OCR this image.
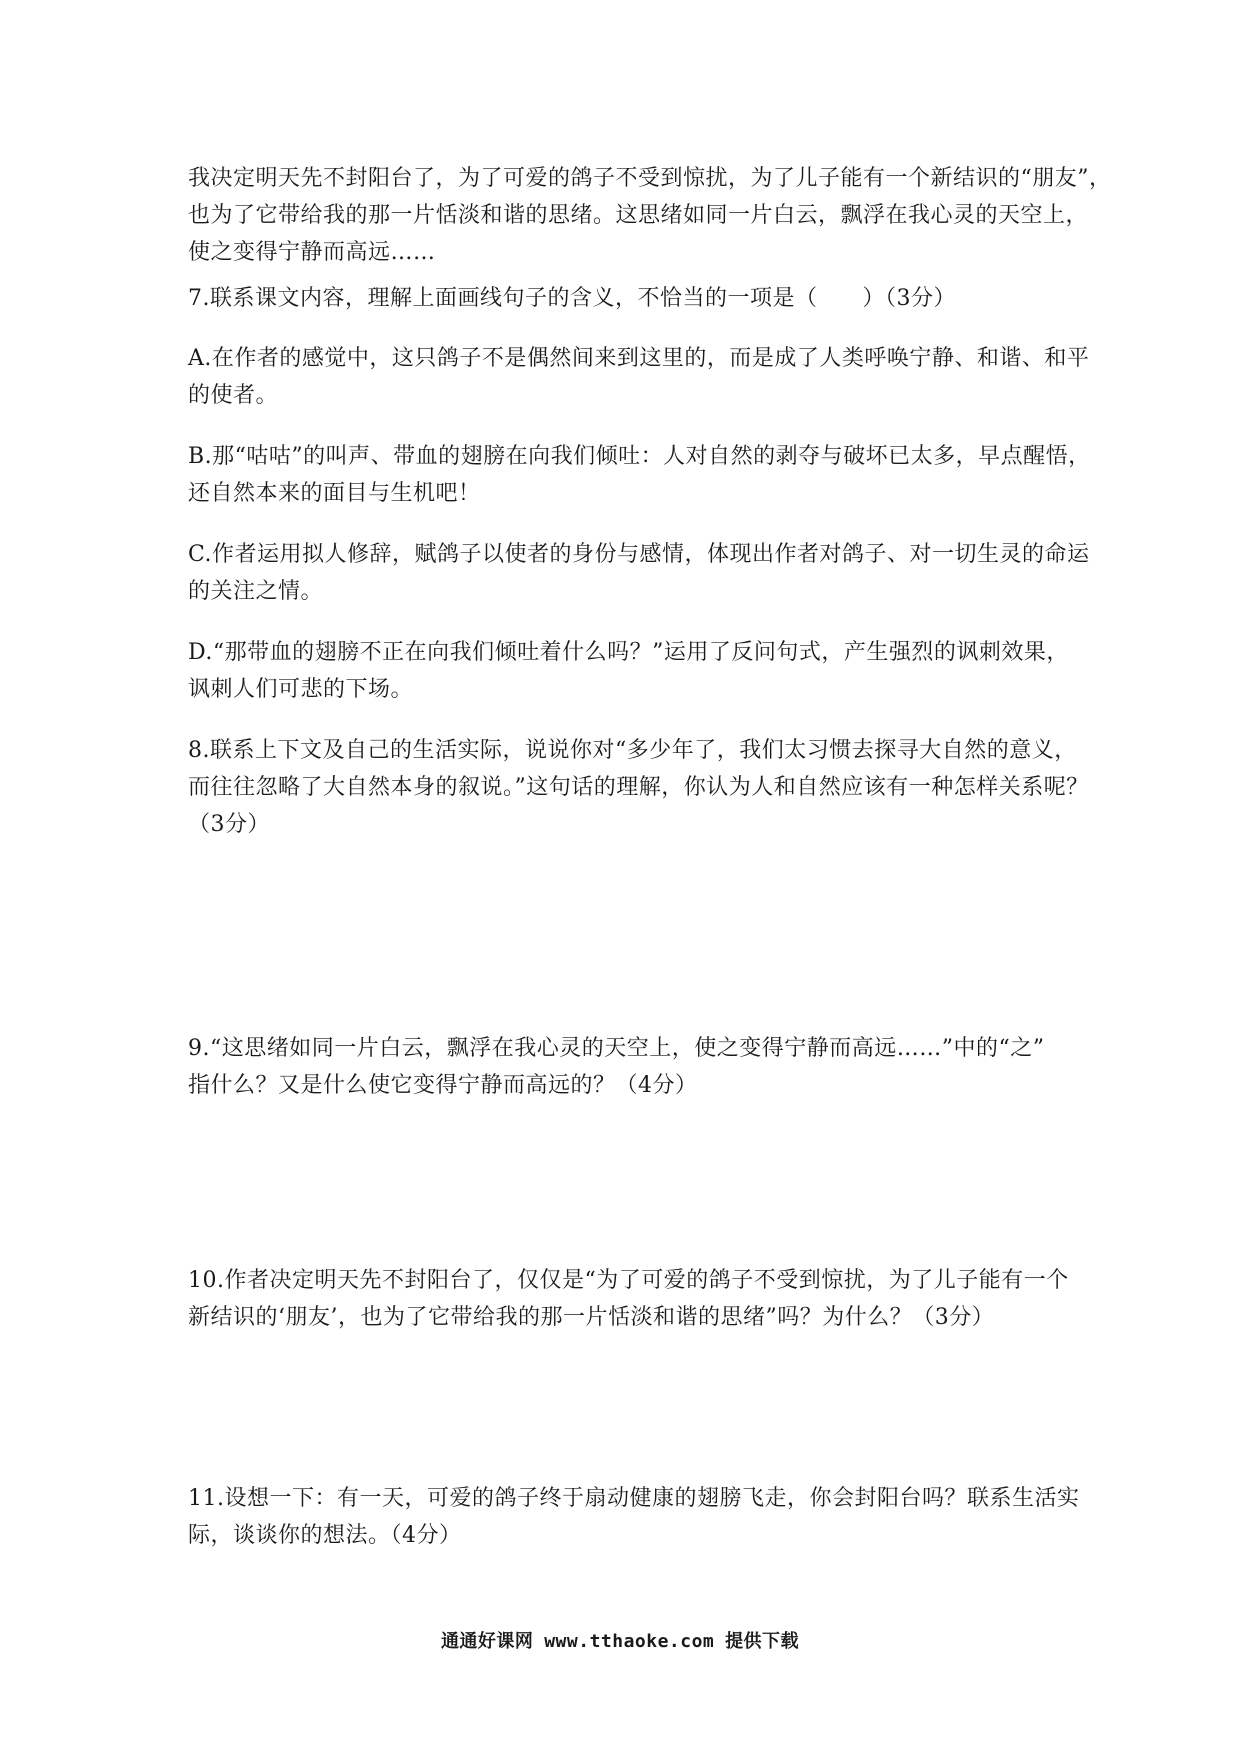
我决定明天先不封阳台了，为了可爱的鸽子不受到惊扰，为了儿子能有一个新结识的“朋友”，
也为了它带给我的那一片恬淡和谐的思绪。这思绪如同一片白云，飘浮在我心灵的天空上，
使之变得宁静而高远……
7.联系课文内容，理解上面画线句子的含义，不恰当的一项是（　　）（3分）
A.在作者的感觉中，这只鸽子不是偶然间来到这里的，而是成了人类呼唤宁静、和谐、和平
的使者。
B.那“咕咕”的叫声、带血的翅膀在向我们倾吐：人对自然的剥夺与破坏已太多，早点醒悟，
还自然本来的面目与生机吧！
C.作者运用拟人修辞，赋鸽子以使者的身份与感情，体现出作者对鸽子、对一切生灵的命运
的关注之情。
D.“那带血的翅膀不正在向我们倾吐着什么吗？”运用了反问句式，产生强烈的讽刺效果，
讽刺人们可悲的下场。
8.联系上下文及自己的生活实际，说说你对“多少年了，我们太习惯去探寻大自然的意义，
而往往忽略了大自然本身的叙说。”这句话的理解，你认为人和自然应该有一种怎样关系呢？
（3分）
9.“这思绪如同一片白云，飘浮在我心灵的天空上，使之变得宁静而高远……”中的“之”
指什么？又是什么使它变得宁静而高远的？（4分）
10.作者决定明天先不封阳台了，仅仅是“为了可爱的鸽子不受到惊扰，为了儿子能有一个
新结识的‘朋友’，也为了它带给我的那一片恬淡和谐的思绪”吗？为什么？（3分）
11.设想一下：有一天，可爱的鸽子终于扇动健康的翅膀飞走，你会封阳台吗？联系生活实
际，谈谈你的想法。（4分）
通通好课网 www.tthaoke.com 提供下载
